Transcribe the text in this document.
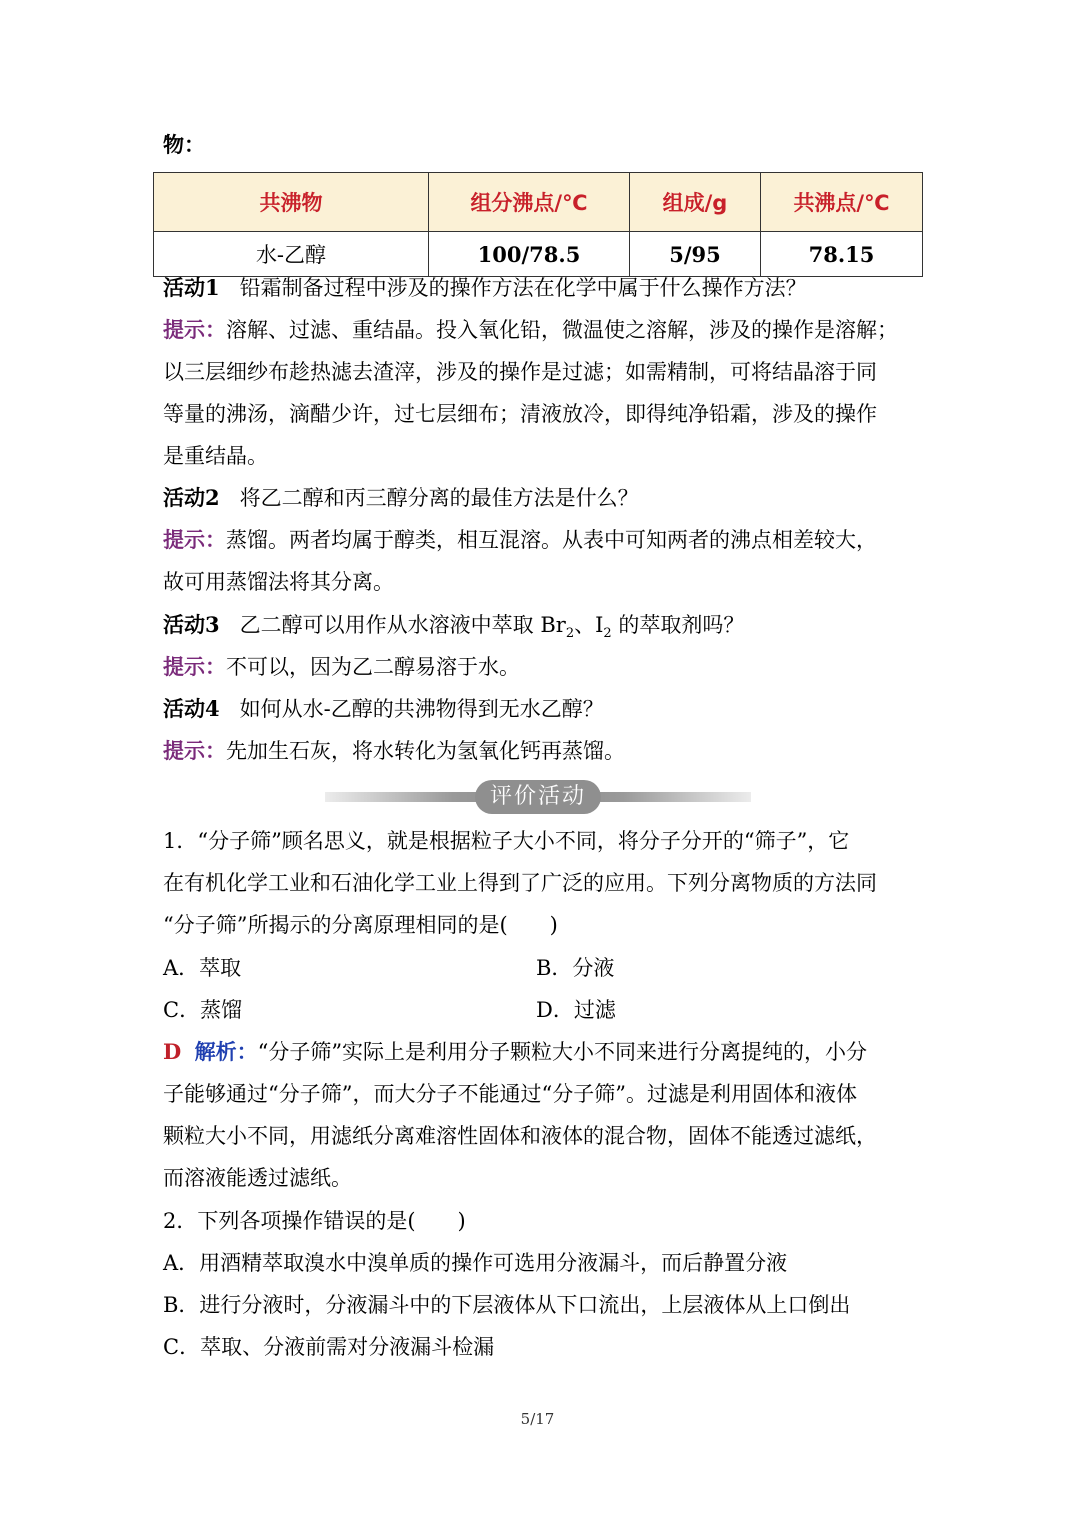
物：
共沸物	组分沸点/℃	组成/g	共沸点/℃
水-乙醇	100/78.5	5/95	78.15
活动1 铅霜制备过程中涉及的操作方法在化学中属于什么操作方法？
提示：溶解、过滤、重结晶。投入氧化铅，微温使之溶解，涉及的操作是溶解；
以三层细纱布趁热滤去渣滓，涉及的操作是过滤；如需精制，可将结晶溶于同
等量的沸汤，滴醋少许，过七层细布；清液放冷，即得纯净铅霜，涉及的操作
是重结晶。
活动2 将乙二醇和丙三醇分离的最佳方法是什么？
提示：蒸馏。两者均属于醇类，相互混溶。从表中可知两者的沸点相差较大，
故可用蒸馏法将其分离。
活动3 乙二醇可以用作从水溶液中萃取 $Br_2$、$I_2$ 的萃取剂吗？
提示：不可以，因为乙二醇易溶于水。
活动4 如何从水-乙醇的共沸物得到无水乙醇？
提示：先加生石灰，将水转化为氢氧化钙再蒸馏。
评价活动
1．“分子筛”顾名思义，就是根据粒子大小不同，将分子分开的“筛子”，它
在有机化学工业和石油化学工业上得到了广泛的应用。下列分离物质的方法同
“分子筛”所揭示的分离原理相同的是(　　)
A．萃取	B．分液
C．蒸馏	D．过滤
D 解析：“分子筛”实际上是利用分子颗粒大小不同来进行分离提纯的，小分
子能够通过“分子筛”，而大分子不能通过“分子筛”。过滤是利用固体和液体
颗粒大小不同，用滤纸分离难溶性固体和液体的混合物，固体不能透过滤纸，
而溶液能透过滤纸。
2．下列各项操作错误的是(　　)
A．用酒精萃取溴水中溴单质的操作可选用分液漏斗，而后静置分液
B．进行分液时，分液漏斗中的下层液体从下口流出，上层液体从上口倒出
C．萃取、分液前需对分液漏斗检漏
5/17
